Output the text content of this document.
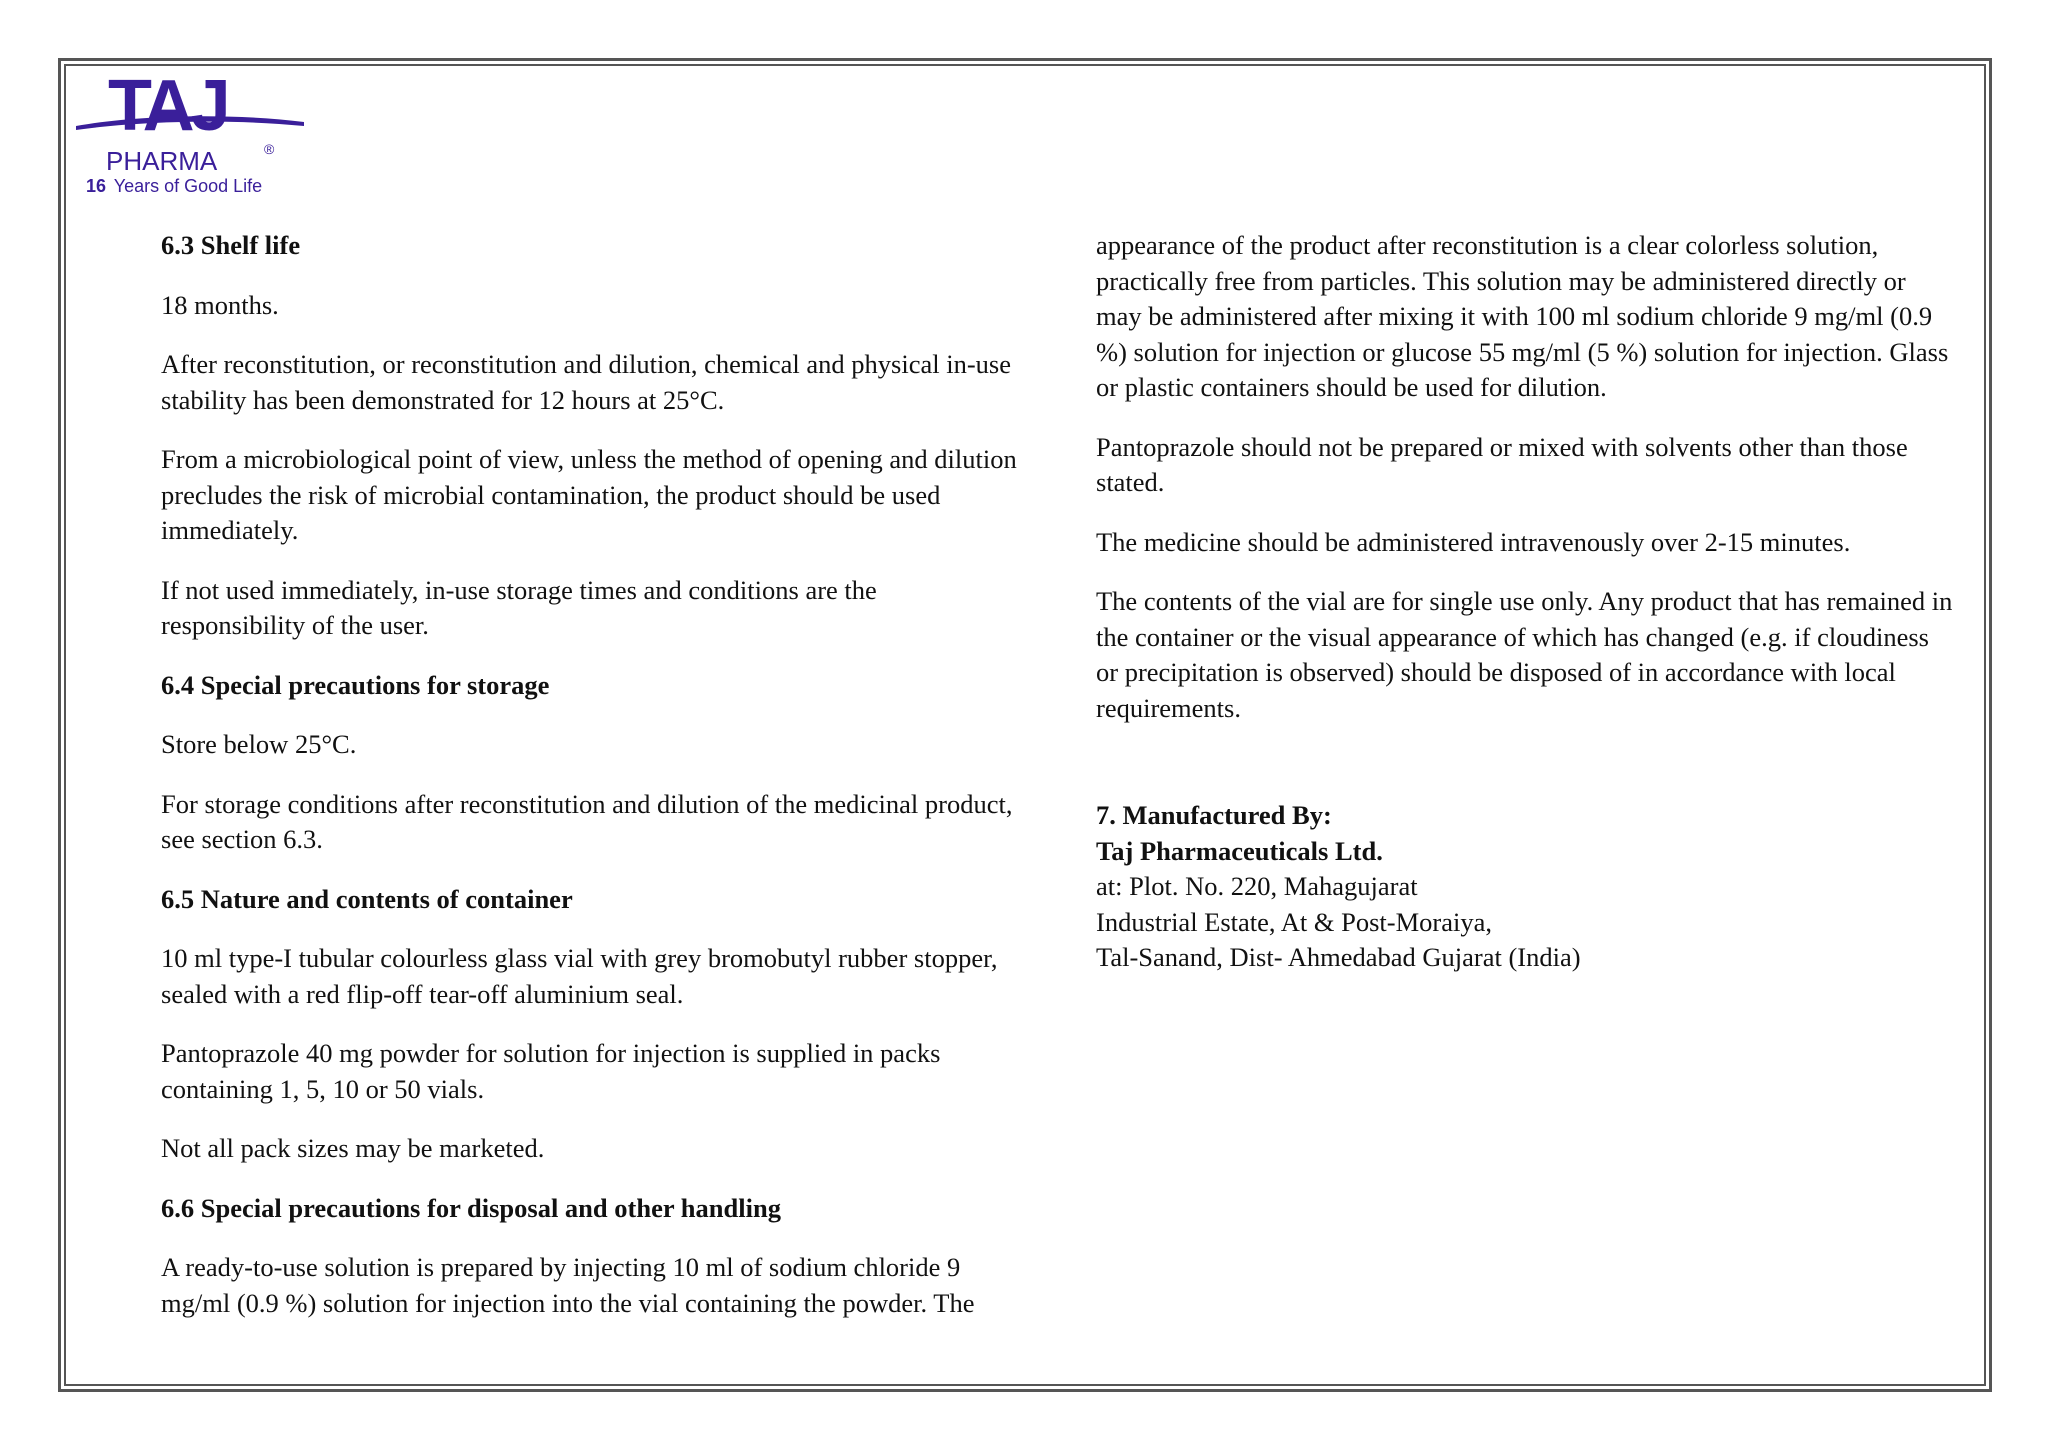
TAJ
PHARMA	®
16 Years of Good Life
6.3 Shelf life

18 months.

After reconstitution, or reconstitution and dilution, chemical and physical in-use stability has been demonstrated for 12 hours at 25°C.

From a microbiological point of view, unless the method of opening and dilution precludes the risk of microbial contamination, the product should be used immediately.

If not used immediately, in-use storage times and conditions are the responsibility of the user.

6.4 Special precautions for storage

Store below 25°C.

For storage conditions after reconstitution and dilution of the medicinal product, see section 6.3.

6.5 Nature and contents of container

10 ml type-I tubular colourless glass vial with grey bromobutyl rubber stopper, sealed with a red flip-off tear-off aluminium seal.

Pantoprazole 40 mg powder for solution for injection is supplied in packs containing 1, 5, 10 or 50 vials.

Not all pack sizes may be marketed.

6.6 Special precautions for disposal and other handling

A ready-to-use solution is prepared by injecting 10 ml of sodium chloride 9 mg/ml (0.9 %) solution for injection into the vial containing the powder. The

appearance of the product after reconstitution is a clear colorless solution, practically free from particles. This solution may be administered directly or may be administered after mixing it with 100 ml sodium chloride 9 mg/ml (0.9 %) solution for injection or glucose 55 mg/ml (5 %) solution for injection. Glass or plastic containers should be used for dilution.

Pantoprazole should not be prepared or mixed with solvents other than those stated.

The medicine should be administered intravenously over 2-15 minutes.

The contents of the vial are for single use only. Any product that has remained in the container or the visual appearance of which has changed (e.g. if cloudiness or precipitation is observed) should be disposed of in accordance with local requirements.

7. Manufactured By:
Taj Pharmaceuticals Ltd.
at: Plot. No. 220, Mahagujarat
Industrial Estate, At & Post-Moraiya,
Tal-Sanand, Dist- Ahmedabad Gujarat (India)
